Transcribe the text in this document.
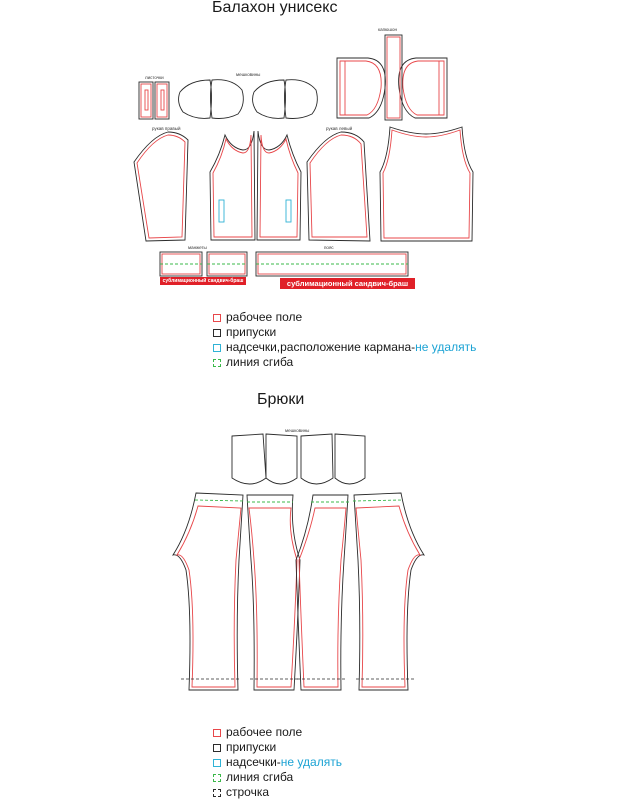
Балахон унисекс
Брюки
капюшон
листочки
мешковины
рукав правый	рукав левый
манжеты	пояс
мешковины
сублимационный сандвич-браш	сублимационный сандвич-браш
рабочее поле
припуски
надсечки,расположение кармана- не удалять
линия сгиба
рабочее поле
припуски
надсечки- не удалять
линия сгиба
строчка
